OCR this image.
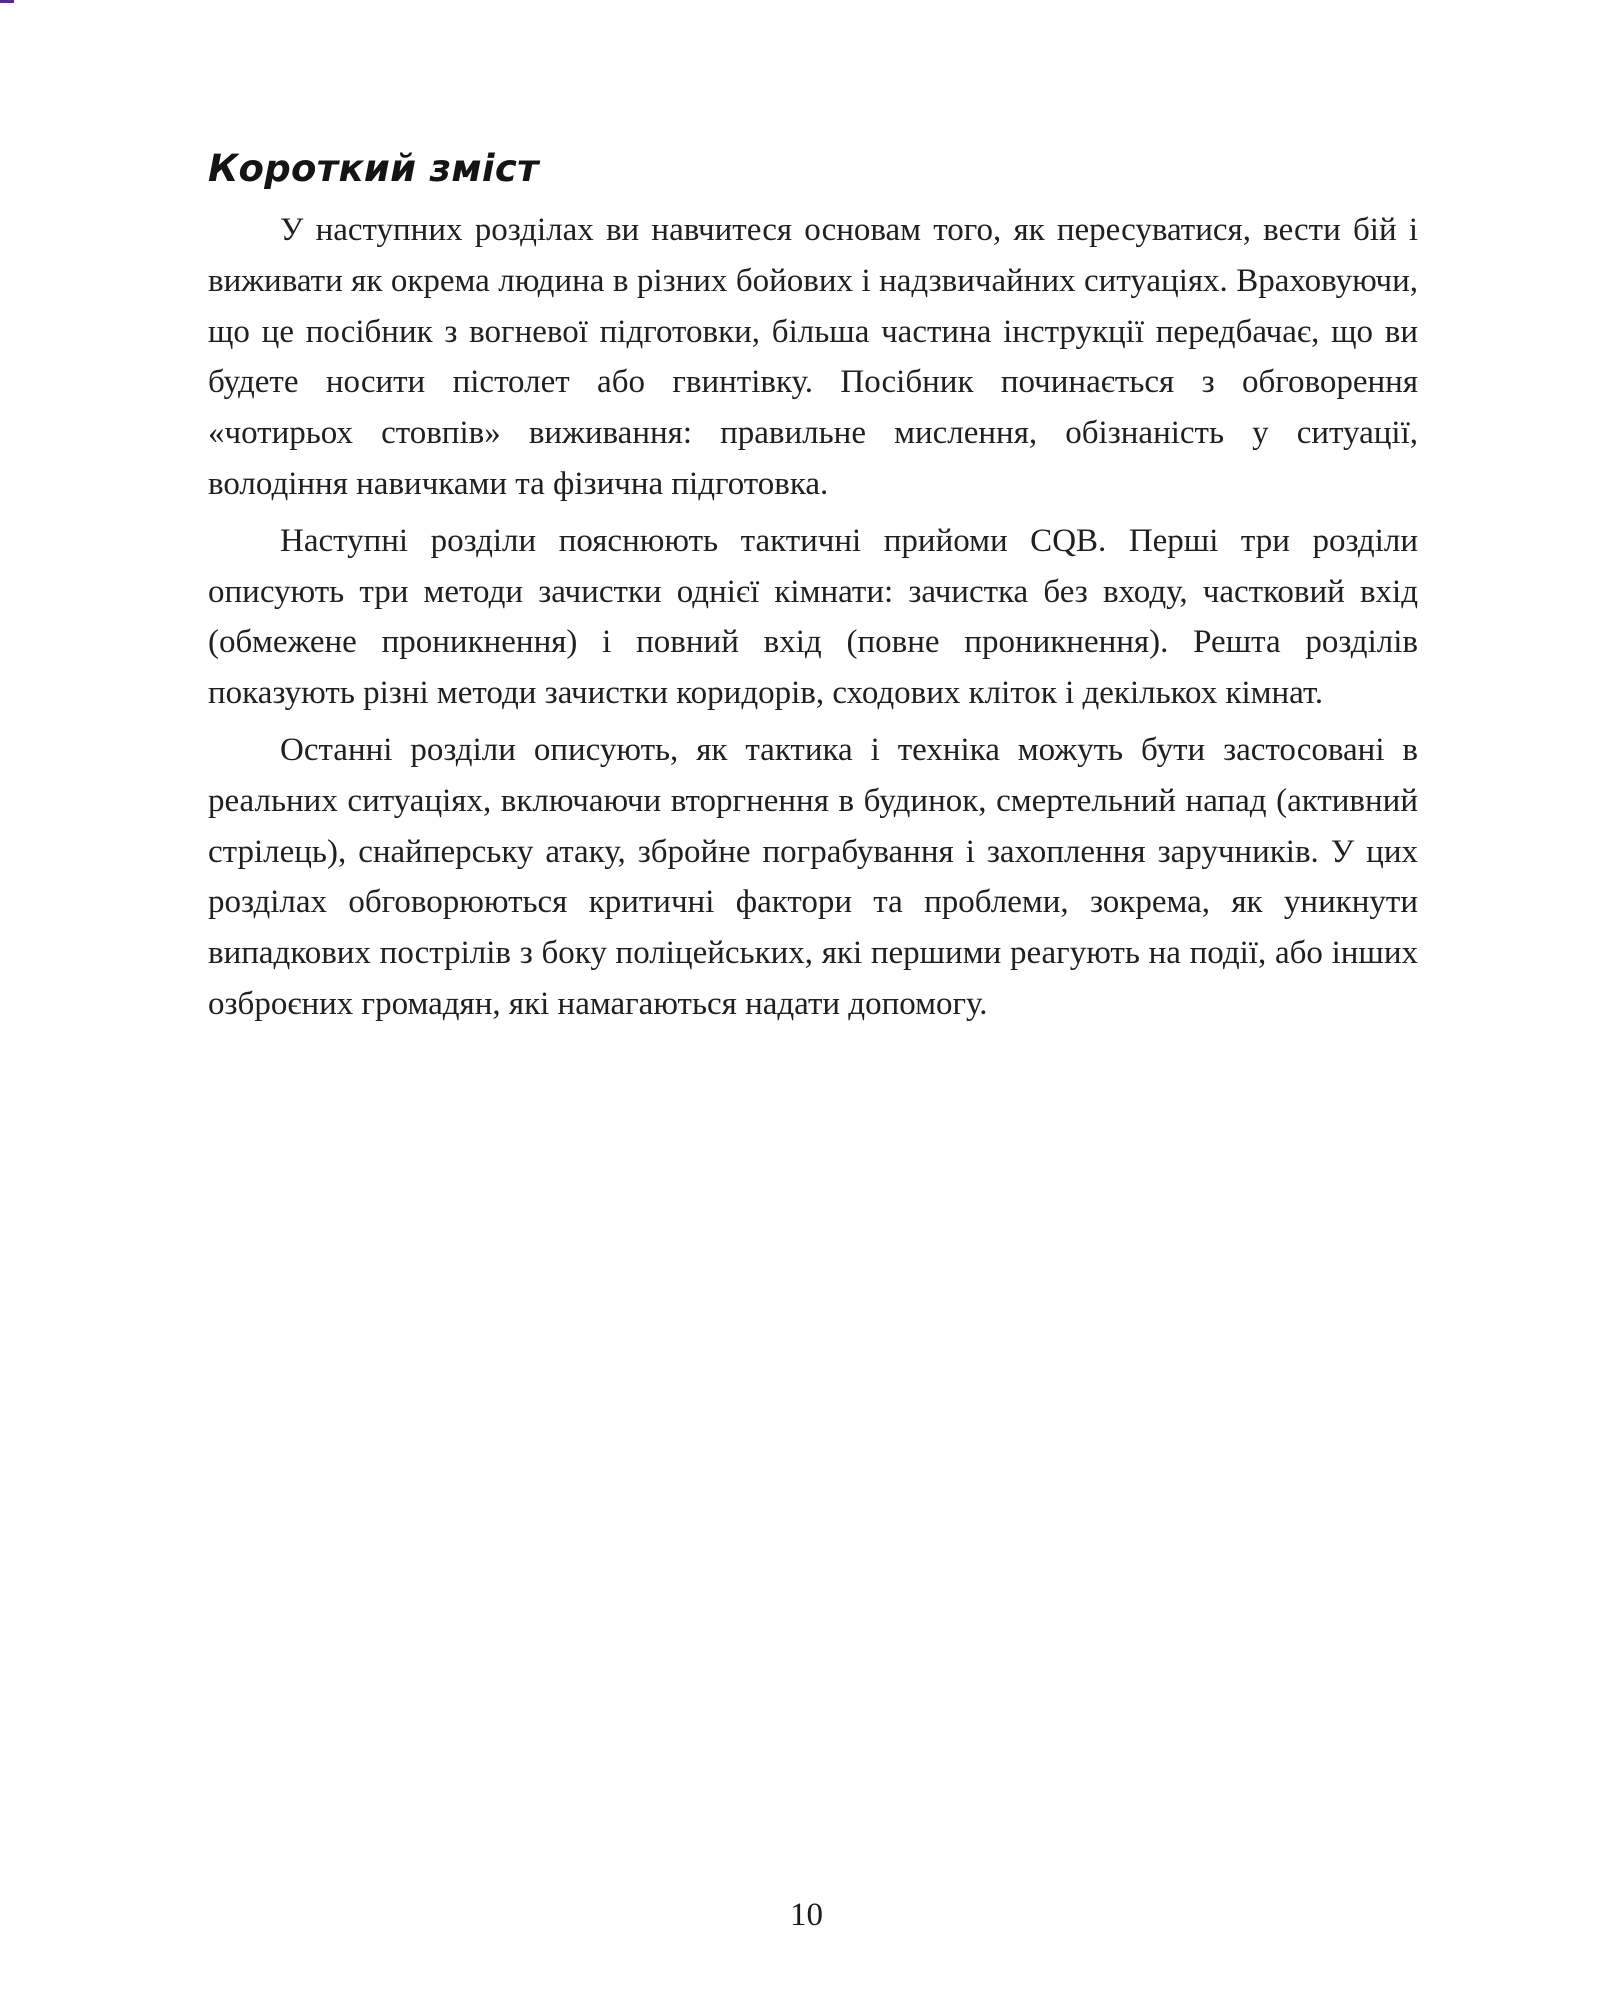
Короткий зміст

У наступних розділах ви навчитеся основам того, як пересуватися, вести бій і виживати як окрема людина в різних бойових і надзвичайних ситуаціях. Враховуючи, що це посібник з вогневої підготовки, більша частина інструкції передбачає, що ви будете носити пістолет або гвинтівку. Посібник починається з обговорення «чотирьох стовпів» виживання: правильне мислення, обізнаність у ситуації, володіння навичками та фізична підготовка.

Наступні розділи пояснюють тактичні прийоми CQB. Перші три розділи описують три методи зачистки однієї кімнати: зачистка без входу, частковий вхід (обмежене проникнення) і повний вхід (повне проникнення). Решта розділів показують різні методи зачистки коридорів, сходових кліток і декількох кімнат.

Останні розділи описують, як тактика і техніка можуть бути застосовані в реальних ситуаціях, включаючи вторгнення в будинок, смертельний напад (активний стрілець), снайперську атаку, збройне пограбування і захоплення заручників. У цих розділах обговорюються критичні фактори та проблеми, зокрема, як уникнути випадкових пострілів з боку поліцейських, які першими реагують на події, або інших озброєних громадян, які намагаються надати допомогу.

10
